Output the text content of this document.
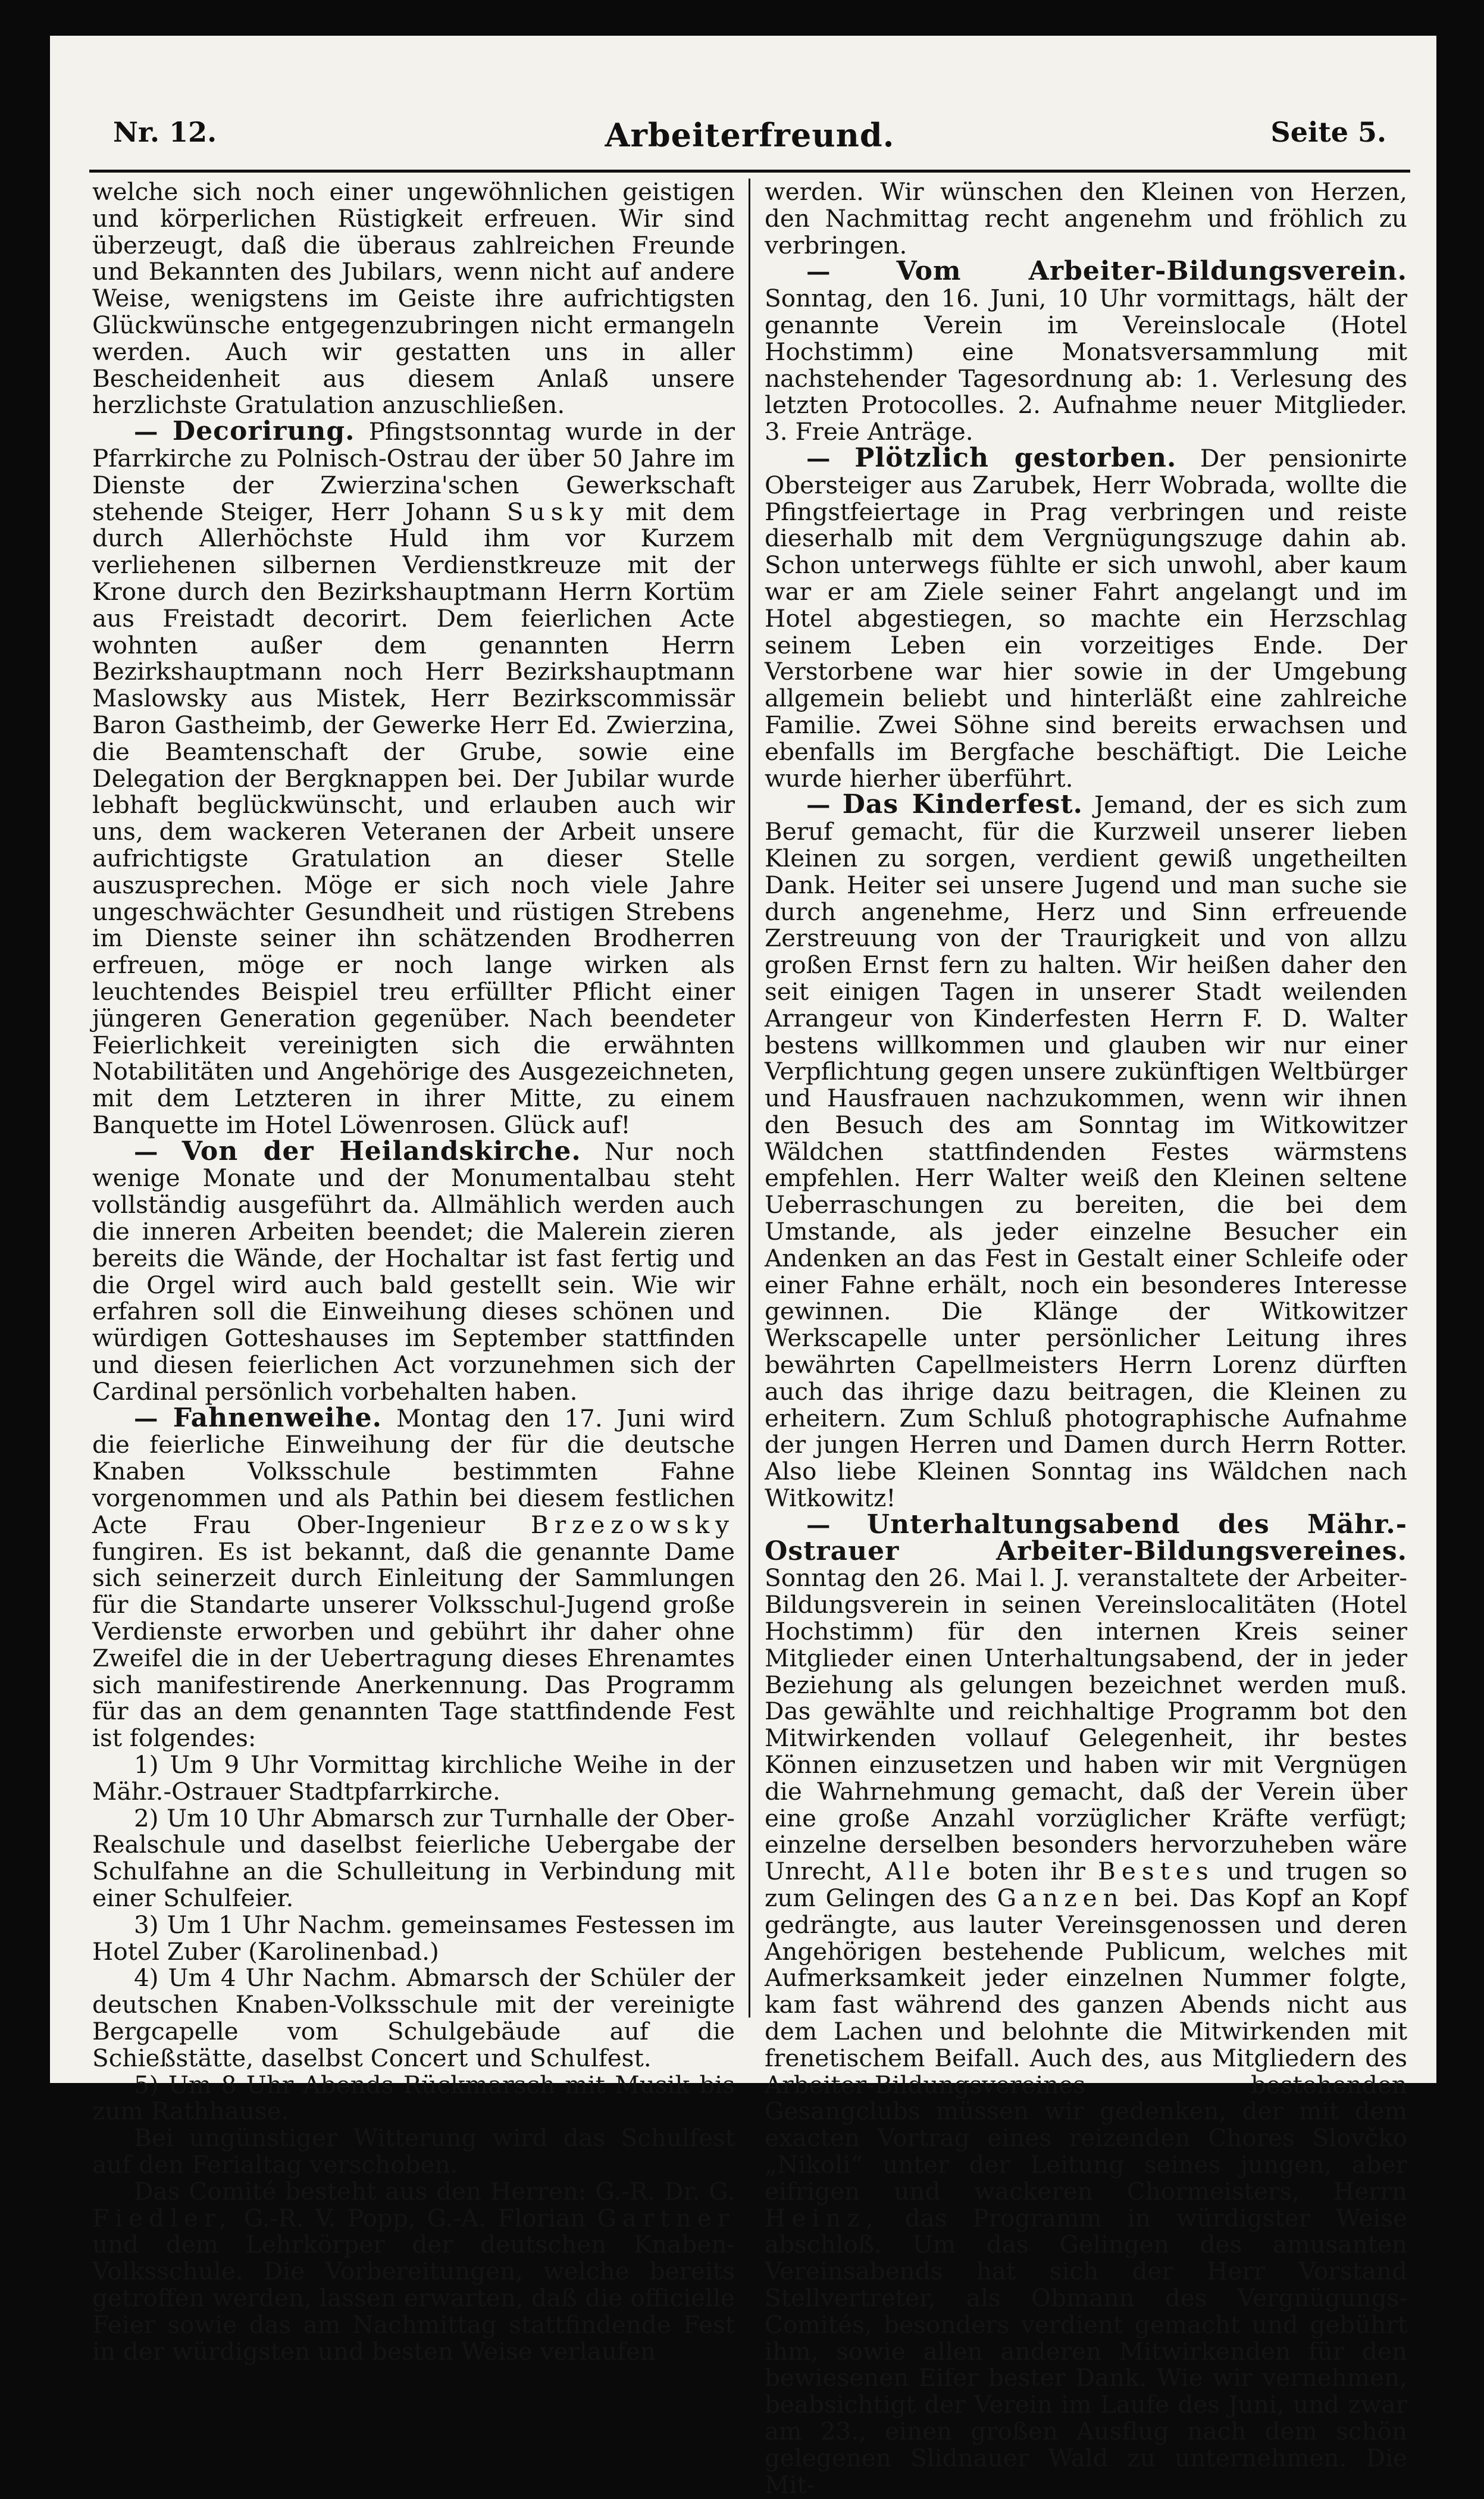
Nr. 12.	Arbeiterfreund.	Seite 5.

welche sich noch einer ungewöhnlichen geistigen und körperlichen Rüstigkeit erfreuen. Wir sind überzeugt, daß die überaus zahlreichen Freunde und Bekannten des Jubilars, wenn nicht auf andere Weise, wenigstens im Geiste ihre aufrichtigsten Glückwünsche entgegenzubringen nicht ermangeln werden. Auch wir gestatten uns in aller Bescheidenheit aus diesem Anlaß unsere herzlichste Gratulation anzuschließen.

— Decorirung. Pfingstsonntag wurde in der Pfarrkirche zu Polnisch-Ostrau der über 50 Jahre im Dienste der Zwierzina'schen Gewerkschaft stehende Steiger, Herr Johann Susky mit dem durch Allerhöchste Huld ihm vor Kurzem verliehenen silbernen Verdienstkreuze mit der Krone durch den Bezirkshauptmann Herrn Kortüm aus Freistadt decorirt. Dem feierlichen Acte wohnten außer dem genannten Herrn Bezirkshauptmann noch Herr Bezirkshauptmann Maslowsky aus Mistek, Herr Bezirkscommissär Baron Gastheimb, der Gewerke Herr Ed. Zwierzina, die Beamtenschaft der Grube, sowie eine Delegation der Bergknappen bei. Der Jubilar wurde lebhaft beglückwünscht, und erlauben auch wir uns, dem wackeren Veteranen der Arbeit unsere aufrichtigste Gratulation an dieser Stelle auszusprechen. Möge er sich noch viele Jahre ungeschwächter Gesundheit und rüstigen Strebens im Dienste seiner ihn schätzenden Brodherren erfreuen, möge er noch lange wirken als leuchtendes Beispiel treu erfüllter Pflicht einer jüngeren Generation gegenüber. Nach beendeter Feierlichkeit vereinigten sich die erwähnten Notabilitäten und Angehörige des Ausgezeichneten, mit dem Letzteren in ihrer Mitte, zu einem Banquette im Hotel Löwenrosen. Glück auf!

— Von der Heilandskirche. Nur noch wenige Monate und der Monumentalbau steht vollständig ausgeführt da. Allmählich werden auch die inneren Arbeiten beendet; die Malerein zieren bereits die Wände, der Hochaltar ist fast fertig und die Orgel wird auch bald gestellt sein. Wie wir erfahren soll die Einweihung dieses schönen und würdigen Gotteshauses im September stattfinden und diesen feierlichen Act vorzunehmen sich der Cardinal persönlich vorbehalten haben.

— Fahnenweihe. Montag den 17. Juni wird die feierliche Einweihung der für die deutsche Knaben Volksschule bestimmten Fahne vorgenommen und als Pathin bei diesem festlichen Acte Frau Ober-Ingenieur Brzezowsky fungiren. Es ist bekannt, daß die genannte Dame sich seinerzeit durch Einleitung der Sammlungen für die Standarte unserer Volksschul-Jugend große Verdienste erworben und gebührt ihr daher ohne Zweifel die in der Uebertragung dieses Ehrenamtes sich manifestirende Anerkennung. Das Programm für das an dem genannten Tage stattfindende Fest ist folgendes:

1) Um 9 Uhr Vormittag kirchliche Weihe in der Mähr.-Ostrauer Stadtpfarrkirche.

2) Um 10 Uhr Abmarsch zur Turnhalle der Ober-Realschule und daselbst feierliche Uebergabe der Schulfahne an die Schulleitung in Verbindung mit einer Schulfeier.

3) Um 1 Uhr Nachm. gemeinsames Festessen im Hotel Zuber (Karolinenbad.)

4) Um 4 Uhr Nachm. Abmarsch der Schüler der deutschen Knaben-Volksschule mit der vereinigte Bergcapelle vom Schulgebäude auf die Schießstätte, daselbst Concert und Schulfest.

5) Um 8 Uhr Abends Rückmarsch mit Musik bis zum Rathhause.

Bei ungünstiger Witterung wird das Schulfest auf den Ferialtag verschoben.

Das Comité besteht aus den Herren: G.-R. Dr. G. Fiedler, G.-R. V. Popp, G.-A. Florian Gartner und dem Lehrkörper der deutschen Knaben-Volksschule. Die Vorbereitungen, welche bereits getroffen werden, lassen erwarten, daß die officielle Feier sowie das am Nachmittag stattfindende Fest in der würdigsten und besten Weise verlaufen

werden. Wir wünschen den Kleinen von Herzen, den Nachmittag recht angenehm und fröhlich zu verbringen.

— Vom Arbeiter-Bildungsverein. Sonntag, den 16. Juni, 10 Uhr vormittags, hält der genannte Verein im Vereinslocale (Hotel Hochstimm) eine Monatsversammlung mit nachstehender Tagesordnung ab: 1. Verlesung des letzten Protocolles. 2. Aufnahme neuer Mitglieder. 3. Freie Anträge.

— Plötzlich gestorben. Der pensionirte Obersteiger aus Zarubek, Herr Wobrada, wollte die Pfingstfeiertage in Prag verbringen und reiste dieserhalb mit dem Vergnügungszuge dahin ab. Schon unterwegs fühlte er sich unwohl, aber kaum war er am Ziele seiner Fahrt angelangt und im Hotel abgestiegen, so machte ein Herzschlag seinem Leben ein vorzeitiges Ende. Der Verstorbene war hier sowie in der Umgebung allgemein beliebt und hinterläßt eine zahlreiche Familie. Zwei Söhne sind bereits erwachsen und ebenfalls im Bergfache beschäftigt. Die Leiche wurde hierher überführt.

— Das Kinderfest. Jemand, der es sich zum Beruf gemacht, für die Kurzweil unserer lieben Kleinen zu sorgen, verdient gewiß ungetheilten Dank. Heiter sei unsere Jugend und man suche sie durch angenehme, Herz und Sinn erfreuende Zerstreuung von der Traurigkeit und von allzu großen Ernst fern zu halten. Wir heißen daher den seit einigen Tagen in unserer Stadt weilenden Arrangeur von Kinderfesten Herrn F. D. Walter bestens willkommen und glauben wir nur einer Verpflichtung gegen unsere zukünftigen Weltbürger und Hausfrauen nachzukommen, wenn wir ihnen den Besuch des am Sonntag im Witkowitzer Wäldchen stattfindenden Festes wärmstens empfehlen. Herr Walter weiß den Kleinen seltene Ueberraschungen zu bereiten, die bei dem Umstande, als jeder einzelne Besucher ein Andenken an das Fest in Gestalt einer Schleife oder einer Fahne erhält, noch ein besonderes Interesse gewinnen. Die Klänge der Witkowitzer Werkscapelle unter persönlicher Leitung ihres bewährten Capellmeisters Herrn Lorenz dürften auch das ihrige dazu beitragen, die Kleinen zu erheitern. Zum Schluß photographische Aufnahme der jungen Herren und Damen durch Herrn Rotter. Also liebe Kleinen Sonntag ins Wäldchen nach Witkowitz!

— Unterhaltungsabend des Mähr.-Ostrauer Arbeiter-Bildungsvereines. Sonntag den 26. Mai l. J. veranstaltete der Arbeiter-Bildungsverein in seinen Vereinslocalitäten (Hotel Hochstimm) für den internen Kreis seiner Mitglieder einen Unterhaltungsabend, der in jeder Beziehung als gelungen bezeichnet werden muß. Das gewählte und reichhaltige Programm bot den Mitwirkenden vollauf Gelegenheit, ihr bestes Können einzusetzen und haben wir mit Vergnügen die Wahrnehmung gemacht, daß der Verein über eine große Anzahl vorzüglicher Kräfte verfügt; einzelne derselben besonders hervorzuheben wäre Unrecht, Alle boten ihr Bestes und trugen so zum Gelingen des Ganzen bei. Das Kopf an Kopf gedrängte, aus lauter Vereinsgenossen und deren Angehörigen bestehende Publicum, welches mit Aufmerksamkeit jeder einzelnen Nummer folgte, kam fast während des ganzen Abends nicht aus dem Lachen und belohnte die Mitwirkenden mit frenetischem Beifall. Auch des, aus Mitgliedern des Arbeiter-Bildungsvereines bestehenden Gesangclubs müssen wir gedenken, der mit dem exacten Vortrag eines reizenden Chores Slovčko „Nikoli“ unter der Leitung seines jungen, aber eifrigen und wackeren Chormeisters, Herrn Heinz, das Programm in würdigster Weise abschloß. Um das Gelingen des amusanten Vereinsabends hat sich der Herr Vorstand Stellvertreter, als Obmann des Vergnügungs-Comités, besonders verdient gemacht und gebührt ihm, sowie allen anderen Mitwirkenden für den bewiesenen Eifer bester Dank. Wie wir vernehmen, beabsichtigt der Verein im Laufe des Juni, und zwar am 23., einen großen Ausflug nach dem schön gelegenen Slidnauer Wald zu unternehmen. Die Mit-
